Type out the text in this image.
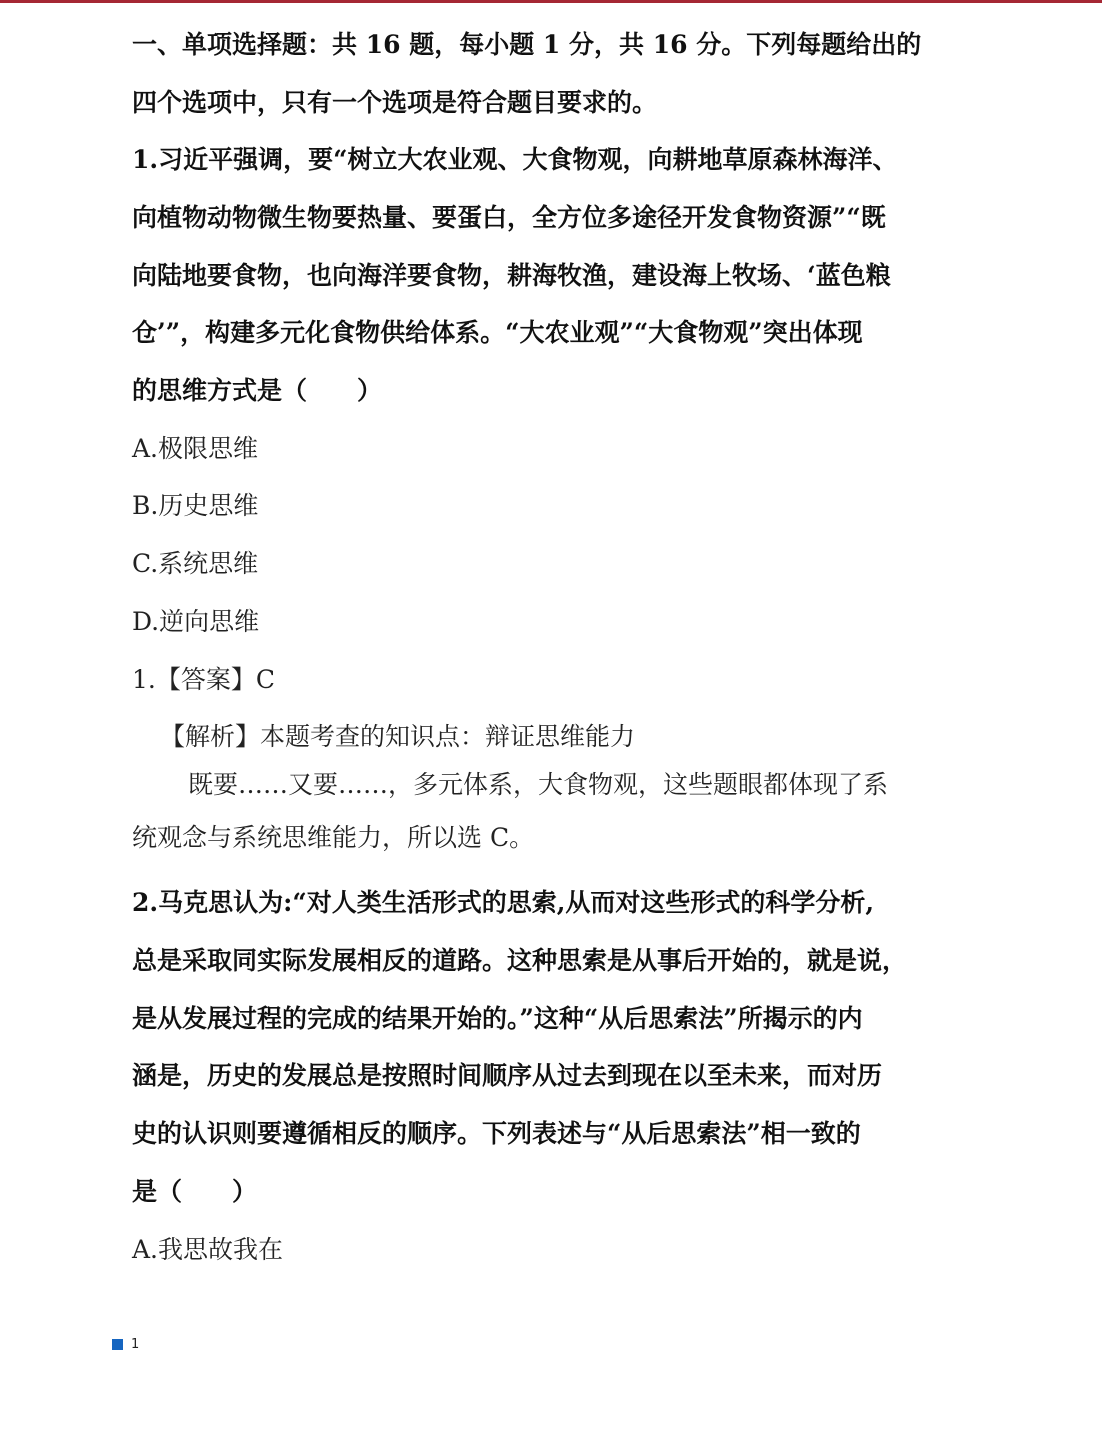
一、单项选择题：共 16 题，每小题 1 分，共 16 分。下列每题给出的
四个选项中，只有一个选项是符合题目要求的。
1.习近平强调，要“树立大农业观、大食物观，向耕地草原森林海洋、
向植物动物微生物要热量、要蛋白，全方位多途径开发食物资源”“既
向陆地要食物，也向海洋要食物，耕海牧渔，建设海上牧场、‘蓝色粮
仓’”，构建多元化食物供给体系。“大农业观”“大食物观”突出体现
的思维方式是（　　）
A.极限思维
B.历史思维
C.系统思维
D.逆向思维
1.【答案】C
【解析】本题考查的知识点：辩证思维能力
既要……又要……，多元体系，大食物观，这些题眼都体现了系
统观念与系统思维能力，所以选 C。
2.马克思认为:“对人类生活形式的思索,从而对这些形式的科学分析,
总是采取同实际发展相反的道路。这种思索是从事后开始的，就是说，
是从发展过程的完成的结果开始的。”这种“从后思索法”所揭示的内
涵是，历史的发展总是按照时间顺序从过去到现在以至未来，而对历
史的认识则要遵循相反的顺序。下列表述与“从后思索法”相一致的
是（　　）
A.我思故我在
1
